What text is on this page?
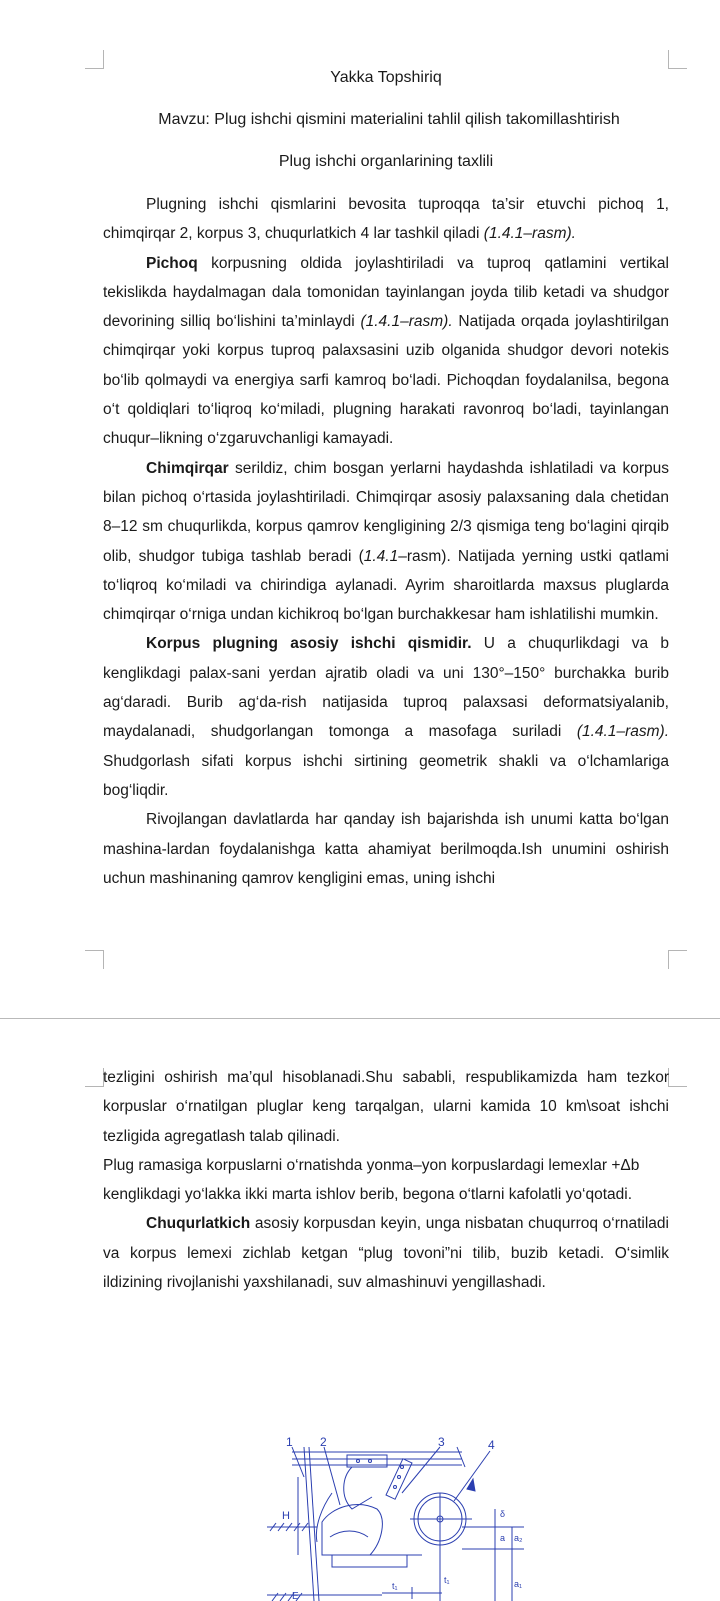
Yakka Topshiriq
Mavzu: Plug ishchi qismini materialini tahlil qilish takomillashtirish
Plug ishchi organlarining taxlili

Plugning ishchi qismlarini bevosita tuproqqa ta’sir etuvchi pichoq 1, chimqirqar 2, korpus 3, chuqurlatkich 4 lar tashkil qiladi (1.4.1–rasm).

Pichoq korpusning oldida joylashtiriladi va tuproq qatlamini vertikal tekislikda haydalmagan dala tomonidan tayinlangan joyda tilib ketadi va shudgor devorining silliq bo‘lishini ta’minlaydi (1.4.1–rasm). Natijada orqada joylashtirilgan chimqirqar yoki korpus tuproq palaxsasini uzib olganida shudgor devori notekis bo‘lib qolmaydi va energiya sarfi kamroq bo‘ladi. Pichoqdan foydalanilsa, begona o‘t qoldiqlari to‘liqroq ko‘miladi, plugning harakati ravonroq bo‘ladi, tayinlangan chuqur–likning o‘zgaruvchanligi kamayadi.

Chimqirqar serildiz, chim bosgan yerlarni haydashda ishlatiladi va korpus bilan pichoq o‘rtasida joylashtiriladi. Chimqirqar asosiy palaxsaning dala chetidan 8–12 sm chuqurlikda, korpus qamrov kengligining 2/3 qismiga teng bo‘lagini qirqib olib, shudgor tubiga tashlab beradi (1.4.1–rasm). Natijada yerning ustki qatlami to‘liqroq ko‘miladi va chirindiga aylanadi. Ayrim sharoitlarda maxsus pluglarda chimqirqar o‘rniga undan kichikroq bo‘lgan burchakkesar ham ishlatilishi mumkin.

Korpus plugning asosiy ishchi qismidir. U a chuqurlikdagi va b kenglikdagi palax-sani yerdan ajratib oladi va uni 130°–150° burchakka burib ag‘daradi. Burib ag‘da-rish natijasida tuproq palaxsasi deformatsiyalanib, maydalanadi, shudgorlangan tomonga a masofaga suriladi (1.4.1–rasm). Shudgorlash sifati korpus ishchi sirtining geometrik shakli va o‘lchamlariga bog‘liqdir.

Rivojlangan davlatlarda har qanday ish bajarishda ish unumi katta bo‘lgan mashina-lardan foydalanishga katta ahamiyat berilmoqda.Ish unumini oshirish uchun mashinaning qamrov kengligini emas, uning ishchi

tezligini oshirish ma’qul hisoblanadi.Shu sababli, respublikamizda ham tezkor korpuslar o‘rnatilgan pluglar keng tarqalgan, ularni kamida 10 km\soat ishchi tezligida agregatlash talab qilinadi.

Plug ramasiga korpuslarni o‘rnatishda yonma–yon korpuslardagi lemexlar +Δb kenglikdagi yo‘lakka ikki marta ishlov berib, begona o‘tlarni kafolatli yo‘qotadi.

Chuqurlatkich asosiy korpusdan keyin, unga nisbatan chuqurroq o‘rnatiladi va korpus lemexi zichlab ketgan “plug tovoni”ni tilib, buzib ketadi. O‘simlik ildizining rivojlanishi yaxshilanadi, suv almashinuvi yengillashadi.

1 2	3	4
H
E
t₁
t₁
δ
a₂
a
a₁
